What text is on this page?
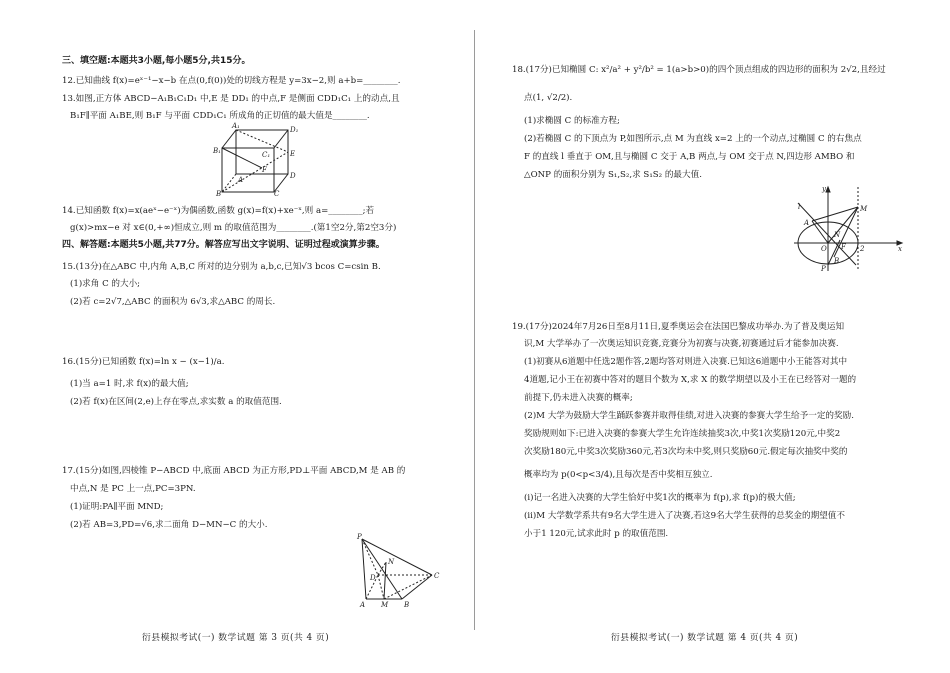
三、填空题:本题共3小题,每小题5分,共15分。
12.已知曲线 f(x)=eˣ⁻¹−x−b 在点(0,f(0))处的切线方程是 y=3x−2,则 a+b=________.
13.如图,正方体 ABCD−A₁B₁C₁D₁ 中,E 是 DD₁ 的中点,F 是侧面 CDD₁C₁ 上的动点,且
B₁F∥平面 A₁BE,则 B₁F 与平面 CDD₁C₁ 所成角的正切值的最大值是________.
A₁	D₁
B₁	C₁	E
F
A	D
B	C
14.已知函数 f(x)=x(aeˣ−e⁻ˣ)为偶函数,函数 g(x)=f(x)+xe⁻ˣ,则 a=________;若
g(x)>mx−e 对 x∈(0,+∞)恒成立,则 m 的取值范围为________.(第1空2分,第2空3分)
四、解答题:本题共5小题,共77分。解答应写出文字说明、证明过程或演算步骤。
15.(13分)在△ABC 中,内角 A,B,C 所对的边分别为 a,b,c,已知√3 bcos C=csin B.
(1)求角 C 的大小;
(2)若 c=2√7,△ABC 的面积为 6√3,求△ABC 的周长.
16.(15分)已知函数 f(x)=ln x − (x−1)/a.
(1)当 a=1 时,求 f(x)的最大值;
(2)若 f(x)在区间(2,e)上存在零点,求实数 a 的取值范围.
17.(15分)如图,四棱锥 P−ABCD 中,底面 ABCD 为正方形,PD⊥平面 ABCD,M 是 AB 的
中点,N 是 PC 上一点,PC=3PN.
(1)证明:PA∥平面 MND;
(2)若 AB=3,PD=√6,求二面角 D−MN−C 的大小.
P
D
N
C
A M B
衍县模拟考试(一) 数学试题 第 3 页(共 4 页)
18.(17分)已知椭圆 C: x²/a² + y²/b² = 1(a>b>0)的四个顶点组成的四边形的面积为 2√2,且经过
点(1, √2/2).
(1)求椭圆 C 的标准方程;
(2)若椭圆 C 的下顶点为 P,如图所示,点 M 为直线 x=2 上的一个动点,过椭圆 C 的右焦点
F 的直线 l 垂直于 OM,且与椭圆 C 交于 A,B 两点,与 OM 交于点 N,四边形 AMBO 和
△ONP 的面积分别为 S₁,S₂,求 S₁S₂ 的最大值.
y
M
l
A
O F
N
2	x
B
P
19.(17分)2024年7月26日至8月11日,夏季奥运会在法国巴黎成功举办.为了普及奥运知
识,M 大学举办了一次奥运知识竞赛,竞赛分为初赛与决赛,初赛通过后才能参加决赛.
(1)初赛从6道题中任选2题作答,2题均答对则进入决赛.已知这6道题中小王能答对其中
4道题,记小王在初赛中答对的题目个数为 X,求 X 的数学期望以及小王在已经答对一题的
前提下,仍未进入决赛的概率;
(2)M 大学为鼓励大学生踊跃参赛并取得佳绩,对进入决赛的参赛大学生给予一定的奖励.
奖励规则如下:已进入决赛的参赛大学生允许连续抽奖3次,中奖1次奖励120元,中奖2
次奖励180元,中奖3次奖励360元,若3次均未中奖,则只奖励60元.假定每次抽奖中奖的
概率均为 p(0<p<3/4),且每次是否中奖相互独立.
(i)记一名进入决赛的大学生恰好中奖1次的概率为 f(p),求 f(p)的极大值;
(ii)M 大学数学系共有9名大学生进入了决赛,若这9名大学生获得的总奖金的期望值不
小于1 120元,试求此时 p 的取值范围.
衍县模拟考试(一) 数学试题 第 4 页(共 4 页)
